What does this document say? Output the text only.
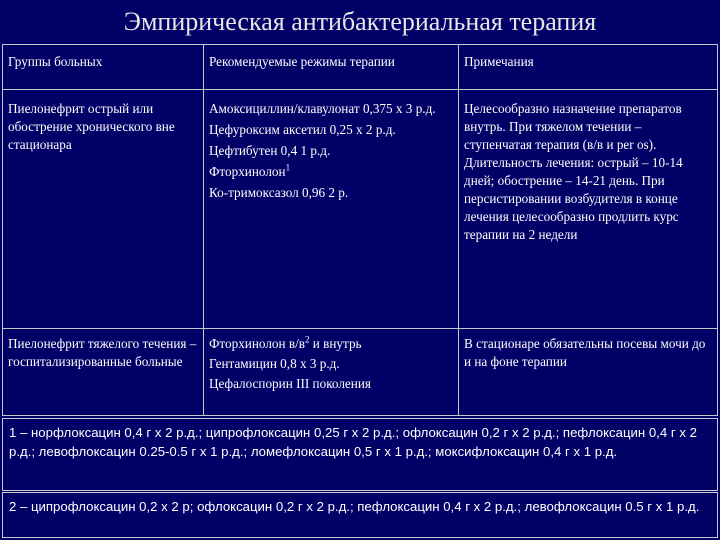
Эмпирическая антибактериальная терапия
Группы больных	Рекомендуемые режимы терапии	Примечания
Пиелонефрит острый или обострение хронического вне стационара

Амоксициллин/клавулонат 0,375 х 3 р.д.

Цефуроксим аксетил 0,25 х 2 р.д.

Цефтибутен 0,4 1 р.д.

Фторхинолон$^1$

Ко-тримоксазол 0,96 2 р.

Целесообразно назначение препаратов внутрь. При тяжелом течении – ступенчатая терапия (в/в и per os). Длительность лечения: острый – 10-14 дней; обострение – 14-21 день. При персистировании возбудителя в конце лечения целесообразно продлить курс терапии на 2 недели
Пиелонефрит тяжелого течения – госпитализированные больные

Фторхинолон $в/в^2$ и внутрь

Гентамицин 0,8 х 3 р.д.

Цефалоспорин III поколения

В стационаре обязательны посевы мочи до и на фоне терапии
1 – норфлоксацин 0,4 г х 2 р.д.; ципрофлоксацин 0,25 г х 2 р.д.; офлоксацин 0,2 г х 2 р.д.; пефлоксацин 0,4 г х 2 р.д.; левофлоксацин 0.25-0.5 г х 1 р.д.; ломефлоксацин 0,5 г х 1 р.д.; моксифлоксацин 0,4 г х 1 р.д.
2 – ципрофлоксацин 0,2 х 2 р; офлоксацин 0,2 г х 2 р.д.; пефлоксацин 0,4 г х 2 р.д.; левофлоксацин 0.5 г х 1 р.д.
